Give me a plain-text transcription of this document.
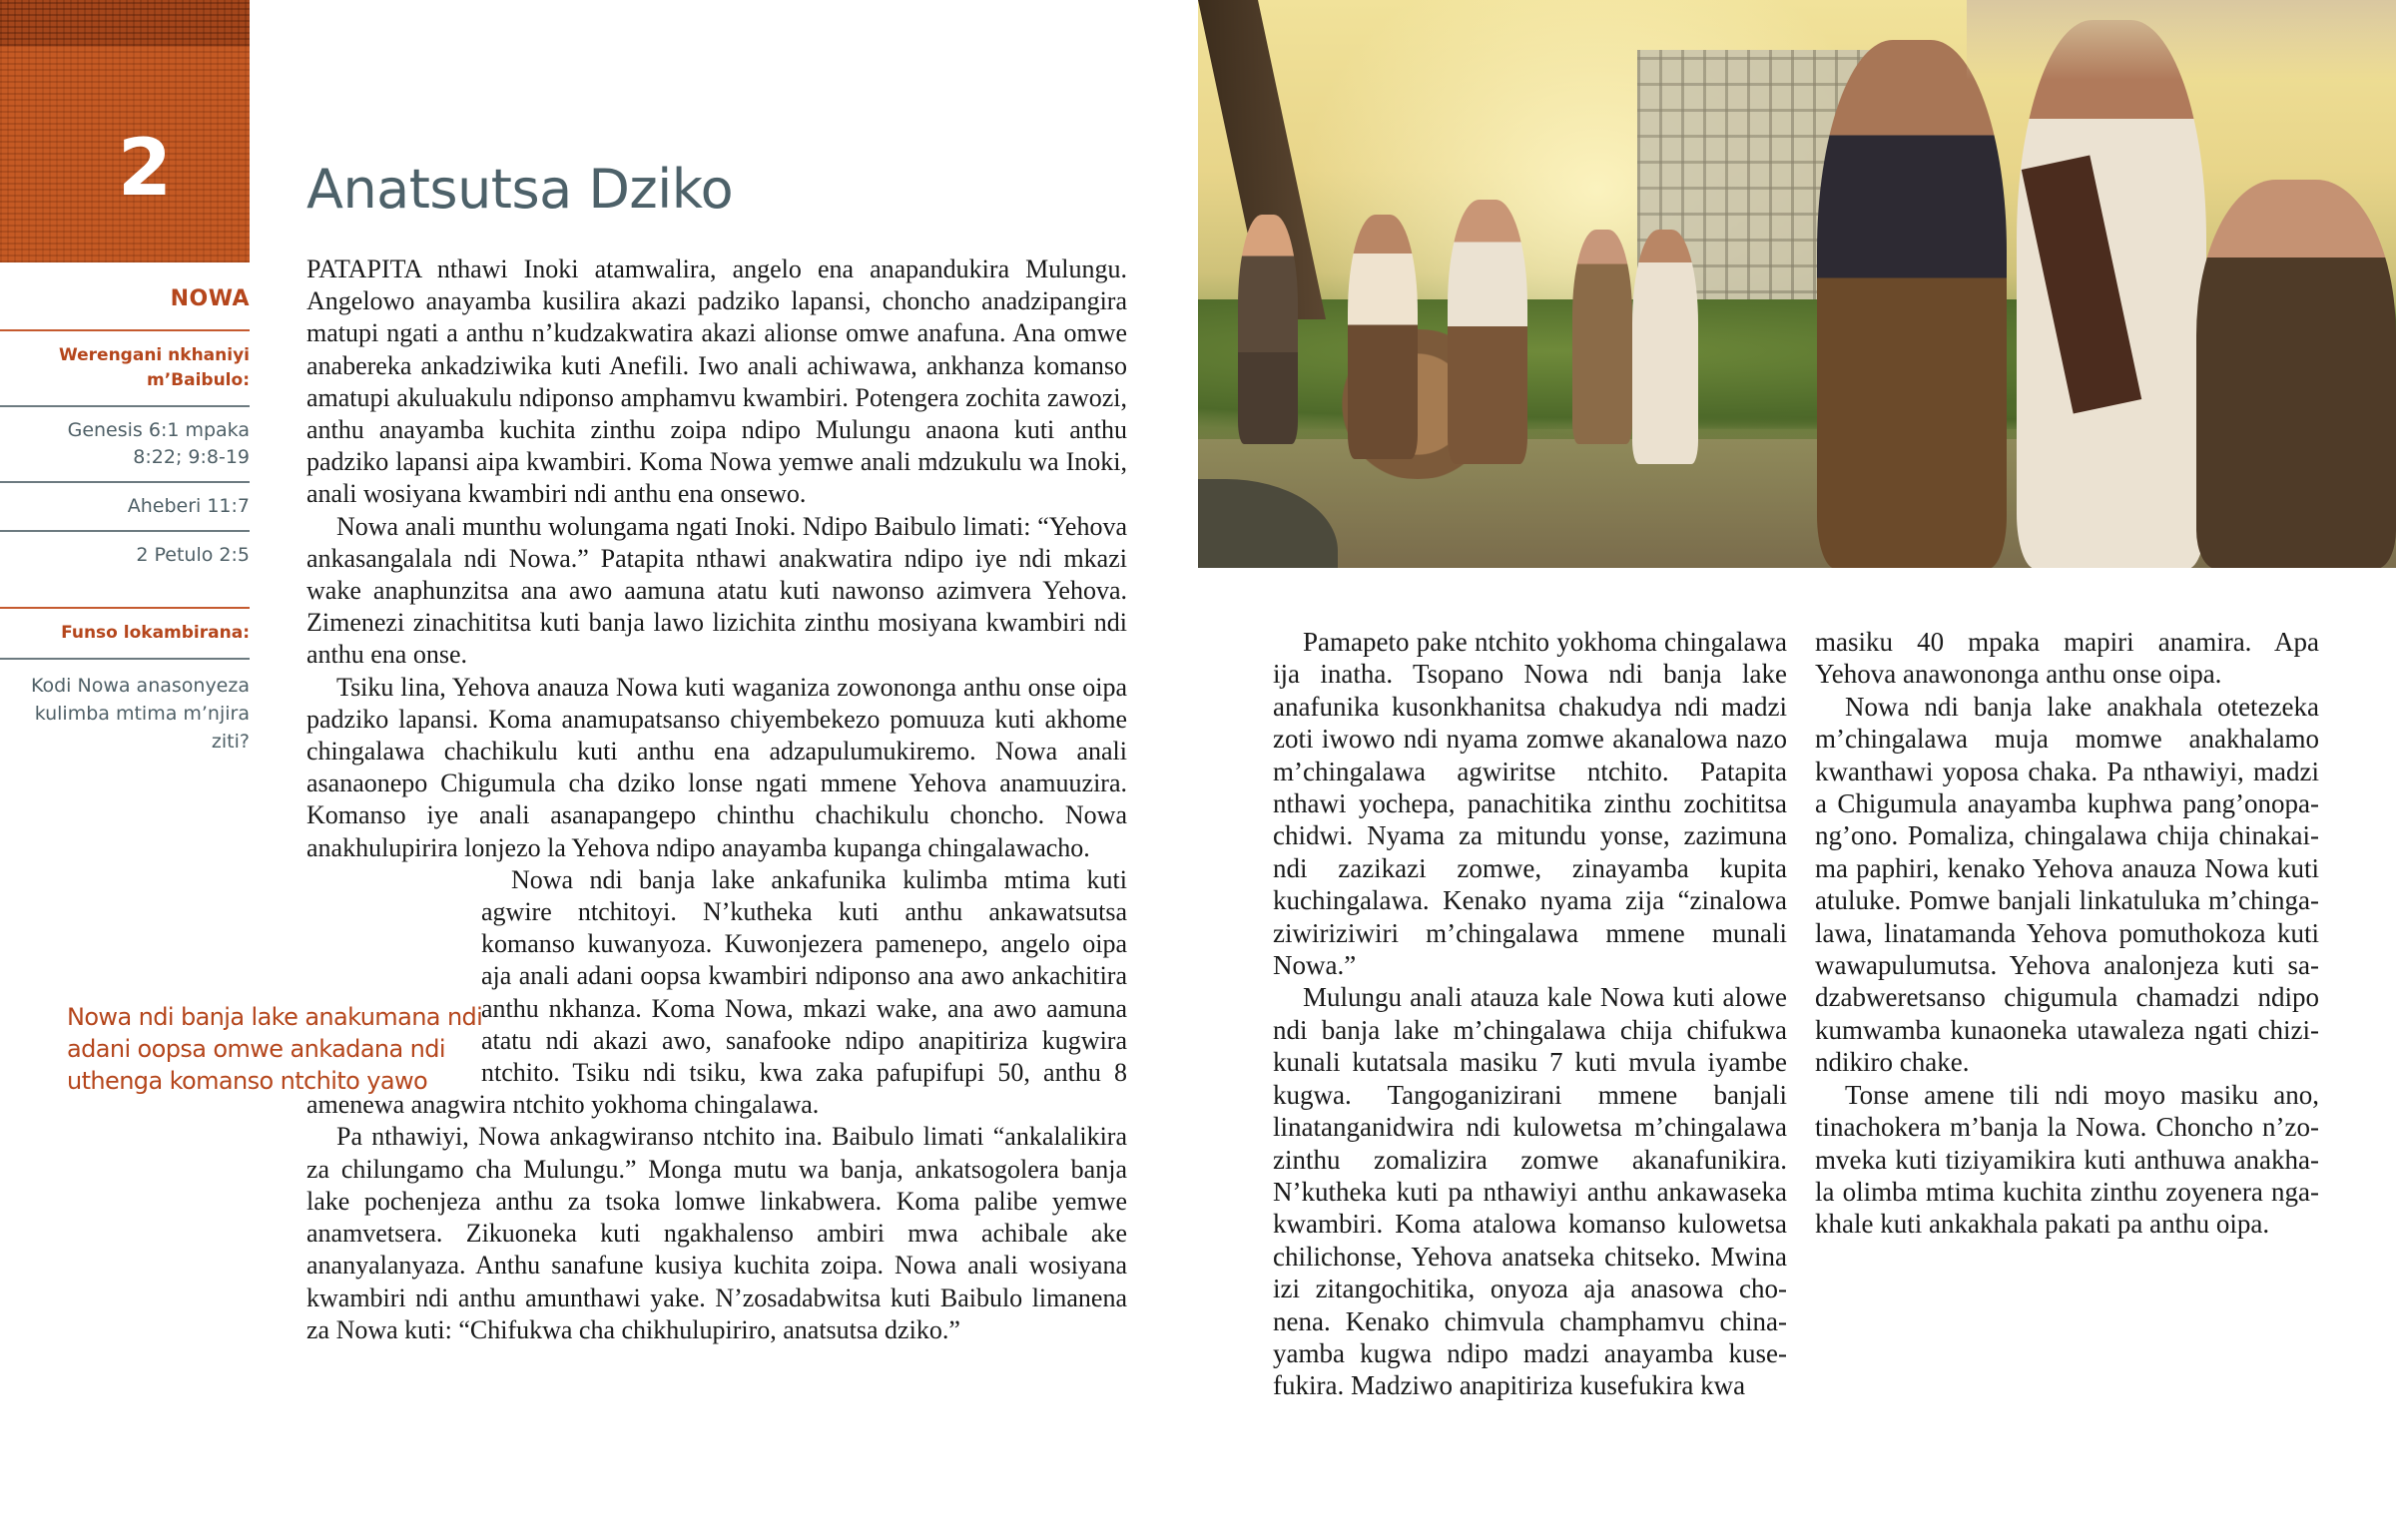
2
NOWA
Werengani nkhaniyi m’Baibulo:
Genesis 6:1 mpaka 8:22; 9:8-19
Aheberi 11:7
2 Petulo 2:5
Funso lokambirana:
Kodi Nowa anasonyeza kulimba mtima m’njira ziti?
Anatsutsa Dziko

PATAPITA nthawi Inoki atamwalira, angelo ena anapandukira Mulungu. Angelowo anayamba kusilira akazi padziko lapansi, choncho anadzipangira matupi ngati a anthu n’kudzakwatira akazi alionse omwe anafuna. Ana omwe anabereka ankadziwika kuti Anefili. Iwo anali achiwawa, ankhanza komanso amatupi akuluakulu ndiponso amphamvu kwambiri. Potengera zochita zawozi, anthu anayamba kuchita zinthu zoipa ndipo Mulungu anaona kuti anthu padziko lapansi aipa kwambiri. Koma Nowa yemwe anali mdzukulu wa Inoki, anali wosiyana kwambiri ndi anthu ena onsewo.

Nowa anali munthu wolungama ngati Inoki. Ndipo Baibulo limati: “Yehova ankasangalala ndi Nowa.” Patapita nthawi anakwatira ndipo iye ndi mkazi wake anaphunzitsa ana awo aamuna atatu kuti nawonso azimvera Yehova. Zimenezi zinachititsa kuti banja lawo lizichita zinthu mosiyana kwambiri ndi anthu ena onse.

Tsiku lina, Yehova anauza Nowa kuti waganiza zowononga anthu onse oipa padziko lapansi. Koma anamupatsanso chiyembekezo pomuuza kuti akhome chingalawa chachikulu kuti anthu ena adzapulumukiremo. Nowa anali asanaonepo Chigumula cha dziko lonse ngati mmene Yehova anamuuzira. Komanso iye anali asanapangepo chinthu chachikulu choncho. Nowa anakhulupirira lonjezo la Yehova ndipo anayamba kupanga chingalawacho.

Nowa ndi banja lake ankafunika kulimba mtima kuti agwire ntchitoyi. N’kutheka kuti anthu ankawatsutsa komanso kuwanyoza. Kuwonjezera pamenepo, angelo oipa aja anali adani oopsa kwambiri ndiponso ana awo ankachitira anthu nkhanza. Koma Nowa, mkazi wake, ana awo aamuna atatu ndi akazi awo, sanafooke ndipo anapitiriza kugwira ntchito. Tsiku ndi tsiku, kwa zaka pafupifupi 50, anthu 8 amenewa anagwira ntchito yokhoma chingalawa.

Pa nthawiyi, Nowa ankagwiranso ntchito ina. Baibulo limati “ankalalikira za chilungamo cha Mulungu.” Monga mutu wa banja, ankatsogolera banja lake pochenjeza anthu za tsoka lomwe linkabwera. Koma palibe yemwe anamvetsera. Zikuoneka kuti ngakhalenso ambiri mwa achibale ake ananyalanyaza. Anthu sanafune kusiya kuchita zoipa. Nowa anali wosiyana kwambiri ndi anthu amunthawi yake. N’zosadabwitsa kuti Baibulo limanena za Nowa kuti: “Chifukwa cha chikhulupiriro, anatsutsa dziko.”

Nowa ndi banja lake anakumana ndi adani oopsa omwe ankadana ndi uthenga komanso ntchito yawo

Pamapeto pake ntchito yokhoma chingalawa ija inatha. Tsopano Nowa ndi banja lake anafunika kusonkhanitsa chakudya ndi madzi zoti iwowo ndi nyama zomwe akanalowa nazo m’chingalawa agwiritse ntchito. Patapita nthawi yochepa, panachitika zinthu zochititsa chidwi. Nyama za mitundu yonse, zazimuna ndi zazikazi zomwe, zinayamba kupita kuchingalawa. Kenako nyama zija “zinalowa ziwiriziwiri m’chingalawa mmene munali Nowa.”

Mulungu anali atauza kale Nowa kuti alowe ndi banja lake m’chingalawa chija chifukwa kunali kutatsala masiku 7 kuti mvula iyambe kugwa. Tangoganizirani mmene banjali linatanganidwira ndi kulowetsa m’chingalawa zinthu zomalizira zomwe akanafunikira. N’kutheka kuti pa nthawiyi anthu ankawaseka kwambiri. Koma atalowa komanso kulowetsa chilichonse, Yehova anatseka chitseko. Mwina izi zitangochitika, onyoza aja anasowa chonena. Kenako chimvula champhamvu chinayamba kugwa ndipo madzi anayamba kusefukira. Madziwo anapitiriza kusefukira kwa

masiku 40 mpaka mapiri anamira. Apa Yehova anawononga anthu onse oipa.

Nowa ndi banja lake anakhala otetezeka m’chingalawa muja momwe anakhalamo kwanthawi yoposa chaka. Pa nthawiyi, madzi a Chigumula anayamba kuphwa pang’onopang’ono. Pomaliza, chingalawa chija chinakaima paphiri, kenako Yehova anauza Nowa kuti atuluke. Pomwe banjali linkatuluka m’chingalawa, linatamanda Yehova pomuthokoza kuti wawapulumutsa. Yehova analonjeza kuti sadzabweretsanso chigumula chamadzi ndipo kumwamba kunaoneka utawaleza ngati chizindikiro chake.

Tonse amene tili ndi moyo masiku ano, tinachokera m’banja la Nowa. Choncho n’zomveka kuti tiziyamikira kuti anthuwa anakhala olimba mtima kuchita zinthu zoyenera ngakhale kuti ankakhala pakati pa anthu oipa.
